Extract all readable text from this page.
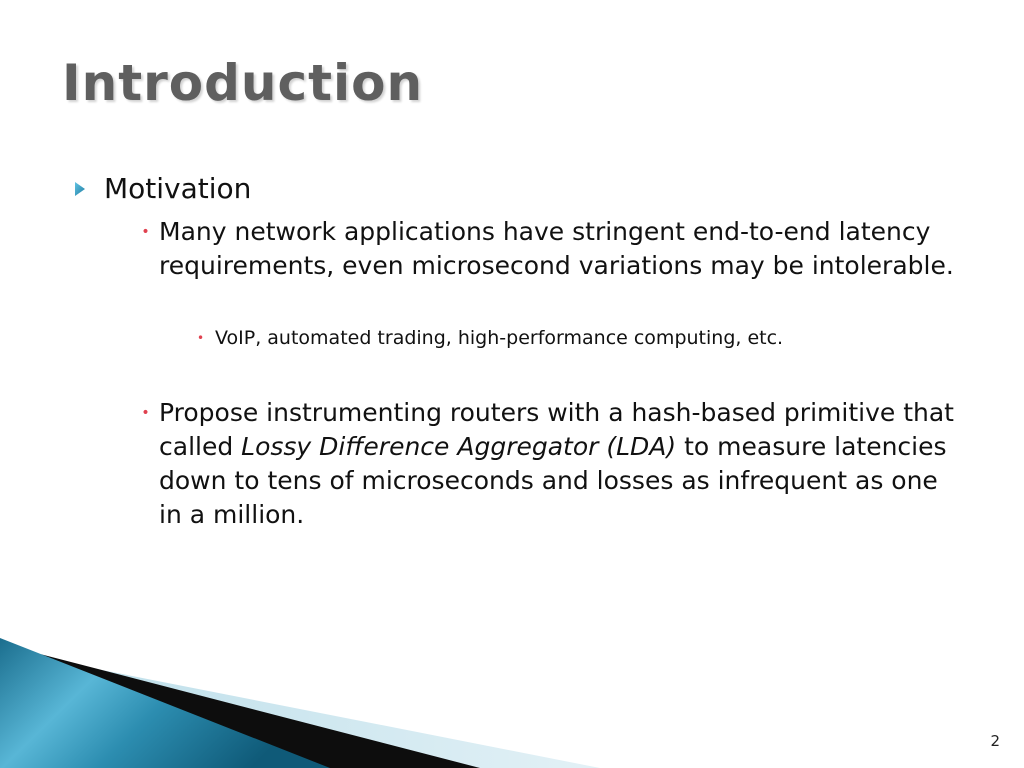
Introduction
Motivation
• Many network applications have stringent end-to-end latency requirements, even microsecond variations may be intolerable.
• VoIP, automated trading, high-performance computing, etc.
• Propose instrumenting routers with a hash-based primitive that called Lossy Difference Aggregator (LDA) to measure latencies down to tens of microseconds and losses as infrequent as one in a million.
2
